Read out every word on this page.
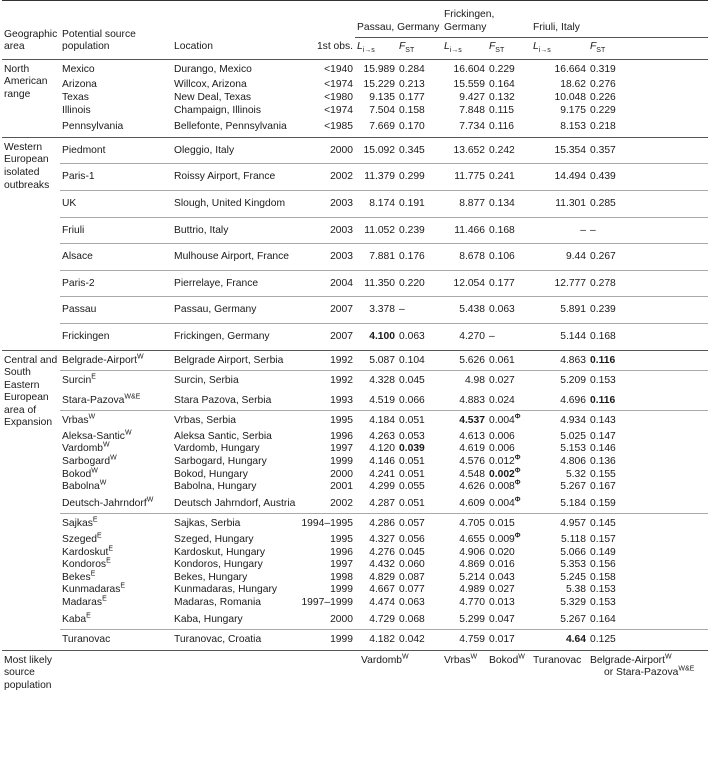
Geographic area	Potential source population	Location	1st obs.	Passau, Germany		Frickingen, Germany		Friuli, Italy	
				$L_{i\to s}$	$F_{ST}$	$L_{i\to s}$	$F_{ST}$	$L_{i\to s}$	$F_{ST}$
North American range	Mexico	Durango, Mexico	<1940	15.989	0.284	16.604	0.229	16.664	0.319
	Arizona	Willcox, Arizona	<1974	15.229	0.213	15.559	0.164	18.62	0.276
	Texas	New Deal, Texas	<1980	9.135	0.177	9.427	0.132	10.048	0.226
	Illinois	Champaign, Illinois	<1974	7.504	0.158	7.848	0.115	9.175	0.229
	Pennsylvania	Bellefonte, Pennsylvania	<1985	7.669	0.170	7.734	0.116	8.153	0.218
Western European isolated outbreaks	Piedmont	Oleggio, Italy	2000	15.092	0.345	13.652	0.242	15.354	0.357
	Paris-1	Roissy Airport, France	2002	11.379	0.299	11.775	0.241	14.494	0.439
	UK	Slough, United Kingdom	2003	8.174	0.191	8.877	0.134	11.301	0.285
	Friuli	Buttrio, Italy	2003	11.052	0.239	11.466	0.168	–	–
	Alsace	Mulhouse Airport, France	2003	7.881	0.176	8.678	0.106	9.44	0.267
	Paris-2	Pierrelaye, France	2004	11.350	0.220	12.054	0.177	12.777	0.278
	Passau	Passau, Germany	2007	3.378	–	5.438	0.063	5.891	0.239
	Frickingen	Frickingen, Germany	2007	4.100	0.063	4.270	–	5.144	0.168
Central and South Eastern European area of Expansion	Belgrade-Airport$^W$	Belgrade Airport, Serbia	1992	5.087	0.104	5.626	0.061	4.863	0.116
	Surcin$^E$	Surcin, Serbia	1992	4.328	0.045	4.98	0.027	5.209	0.153
	Stara-Pazova$^{W\&E}$	Stara Pazova, Serbia	1993	4.519	0.066	4.883	0.024	4.696	0.116
	Vrbas$^W$	Vrbas, Serbia	1995	4.184	0.051	4.537	$0.004^\Phi$	4.934	0.143
	Aleksa-Santic$^W$	Aleksa Santic, Serbia	1996	4.263	0.053	4.613	0.006	5.025	0.147
	Vardomb$^W$	Vardomb, Hungary	1997	4.120	0.039	4.619	0.006	5.153	0.146
	Sarbogard$^W$	Sarbogard, Hungary	1999	4.146	0.051	4.576	$0.012^\Phi$	4.806	0.136
	Bokod$^W$	Bokod, Hungary	2000	4.241	0.051	4.548	$0.002^\Phi$	5.32	0.155
	Babolna$^W$	Babolna, Hungary	2001	4.299	0.055	4.626	$0.008^\Phi$	5.267	0.167
	Deutsch-Jahrndorf$^W$	Deutsch Jahrndorf, Austria	2002	4.287	0.051	4.609	$0.004^\Phi$	5.184	0.159
	Sajkas$^E$	Sajkas, Serbia	1994–1995	4.286	0.057	4.705	0.015	4.957	0.145
	Szeged$^E$	Szeged, Hungary	1995	4.327	0.056	4.655	$0.009^\Phi$	5.118	0.157
	Kardoskut$^E$	Kardoskut, Hungary	1996	4.276	0.045	4.906	0.020	5.066	0.149
	Kondoros$^E$	Kondoros, Hungary	1997	4.432	0.060	4.869	0.016	5.353	0.156
	Bekes$^E$	Bekes, Hungary	1998	4.829	0.087	5.214	0.043	5.245	0.158
	Kunmadaras$^E$	Kunmadaras, Hungary	1999	4.667	0.077	4.989	0.027	5.38	0.153
	Madaras$^E$	Madaras, Romania	1997–1999	4.474	0.063	4.770	0.013	5.329	0.153
	Kaba$^E$	Kaba, Hungary	2000	4.729	0.068	5.299	0.047	5.267	0.164
	Turanovac	Turanovac, Croatia	1999	4.182	0.042	4.759	0.017	4.64	0.125
Most likely source population				Vardomb$^W$		Vrbas$^W$	Bokod$^W$	Turanovac	Belgrade-Airport$^W$
or Stara-Pazova$^{W\&E}$
